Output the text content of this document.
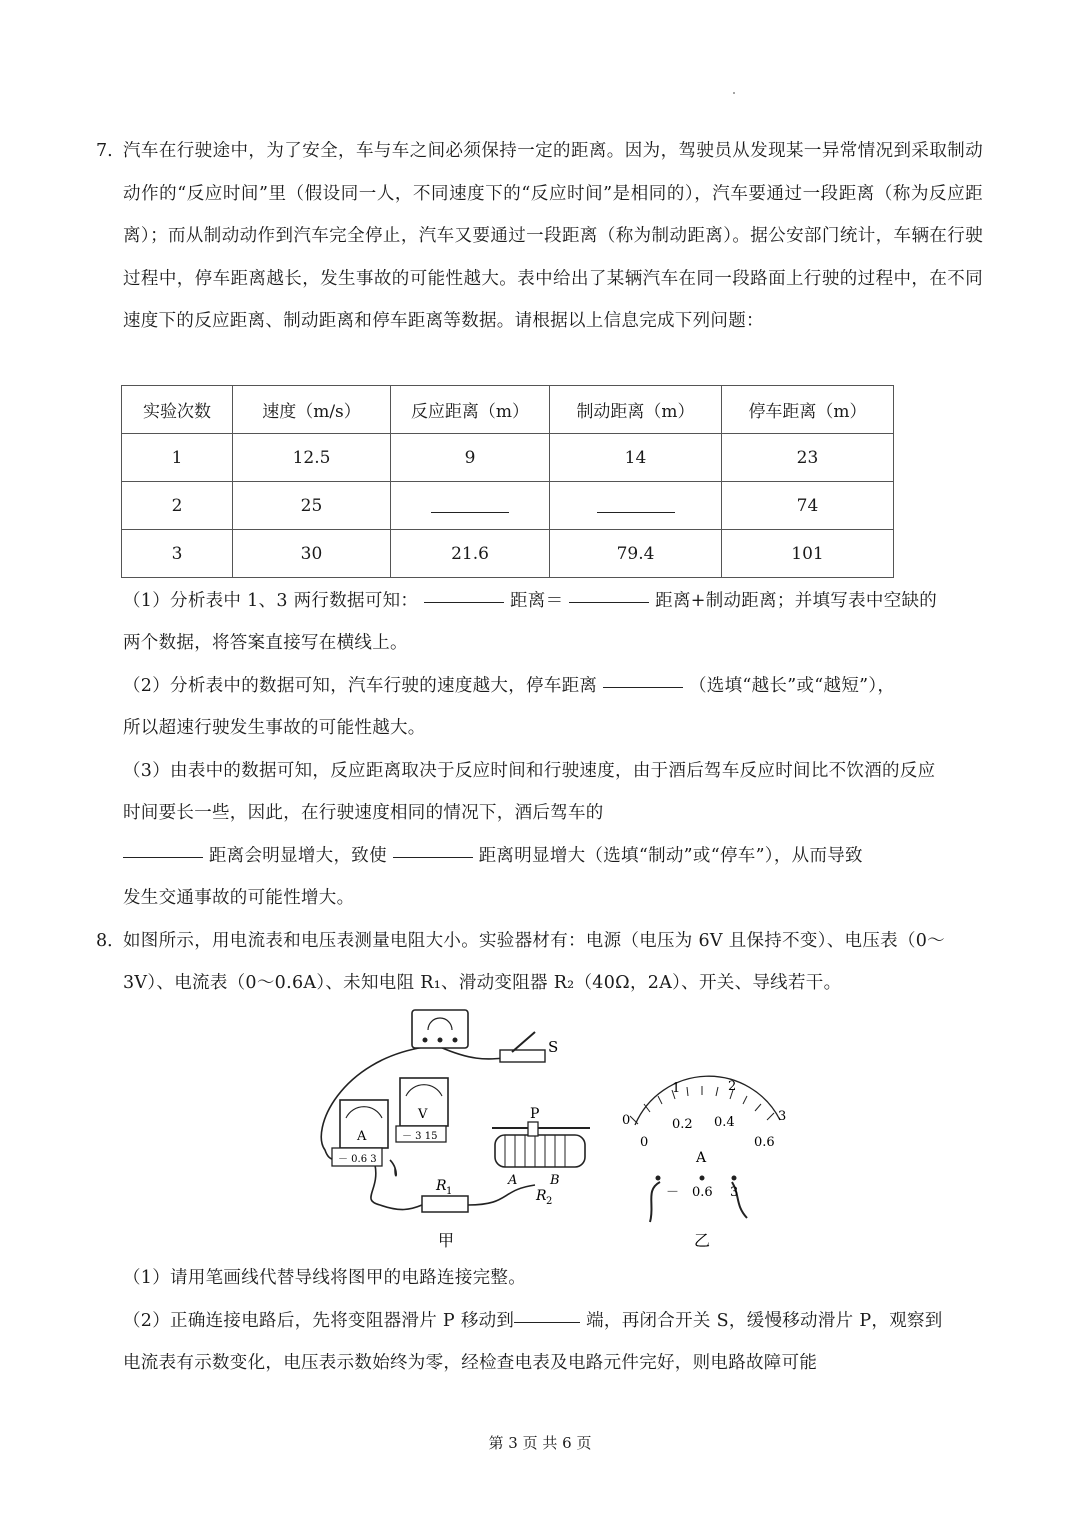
7. 汽车在行驶途中，为了安全，车与车之间必须保持一定的距离。因为，驾驶员从发现某一异常情况到采取制动动作的“反应时间”里（假设同一人，不同速度下的“反应时间”是相同的），汽车要通过一段距离（称为反应距离）；而从制动动作到汽车完全停止，汽车又要通过一段距离（称为制动距离）。据公安部门统计，车辆在行驶过程中，停车距离越长，发生事故的可能性越大。表中给出了某辆汽车在同一段路面上行驶的过程中，在不同速度下的反应距离、制动距离和停车距离等数据。请根据以上信息完成下列问题：
实验次数	速度（m/s）	反应距离（m）	制动距离（m）	停车距离（m）
1	12.5	9	14	23
2	25			74
3	30	21.6	79.4	101
（1）分析表中 1、3 两行数据可知：	距离＝	距离+制动距离；并填写表中空缺的
两个数据，将答案直接写在横线上。
（2）分析表中的数据可知，汽车行驶的速度越大，停车距离	（选填“越长”或“越短”），
所以超速行驶发生事故的可能性越大。
（3）由表中的数据可知，反应距离取决于反应时间和行驶速度，由于酒后驾车反应时间比不饮酒的反应
时间要长一些，因此，在行驶速度相同的情况下，酒后驾车的
距离会明显增大，致使	距离明显增大（选填“制动”或“停车”），从而导致
发生交通事故的可能性增大。
8．
如图所示，用电流表和电压表测量电阻大小。实验器材有：电源（电压为 6V 且保持不变）、电压表（0～
3V）、电流表（0～0.6A）、未知电阻 R₁、滑动变阻器 R₂（40Ω，2A）、开关、导线若干。
S
A
－ 0.6 3
V
－ 3 15
R 1
P
A	B
R 2
甲
0
1	2
3
0
0.2 0.4
0.6
A
－ 0.6 3
乙
（1）请用笔画线代替导线将图甲的电路连接完整。
（2）正确连接电路后，先将变阻器滑片 P 移动到	端，再闭合开关 S，缓慢移动滑片 P，观察到
电流表有示数变化，电压表示数始终为零，经检查电表及电路元件完好，则电路故障可能
第 3 页 共 6 页
